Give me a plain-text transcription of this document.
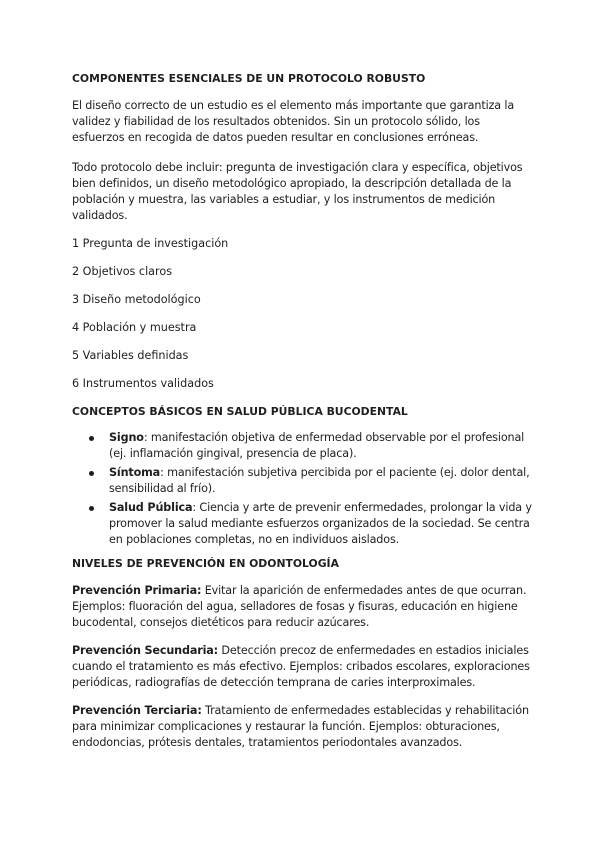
COMPONENTES ESENCIALES DE UN PROTOCOLO ROBUSTO

El diseño correcto de un estudio es el elemento más importante que garantiza la validez y fiabilidad de los resultados obtenidos. Sin un protocolo sólido, los esfuerzos en recogida de datos pueden resultar en conclusiones erróneas.

Todo protocolo debe incluir: pregunta de investigación clara y específica, objetivos bien definidos, un diseño metodológico apropiado, la descripción detallada de la población y muestra, las variables a estudiar, y los instrumentos de medición validados.

1 Pregunta de investigación
2 Objetivos claros
3 Diseño metodológico
4 Población y muestra
5 Variables definidas
6 Instrumentos validados
CONCEPTOS BÁSICOS EN SALUD PÚBLICA BUCODENTAL
Signo: manifestación objetiva de enfermedad observable por el profesional (ej. inflamación gingival, presencia de placa).
Síntoma: manifestación subjetiva percibida por el paciente (ej. dolor dental, sensibilidad al frío).
Salud Pública: Ciencia y arte de prevenir enfermedades, prolongar la vida y promover la salud mediante esfuerzos organizados de la sociedad. Se centra en poblaciones completas, no en individuos aislados.
NIVELES DE PREVENCIÓN EN ODONTOLOGÍA

Prevención Primaria: Evitar la aparición de enfermedades antes de que ocurran. Ejemplos: fluoración del agua, selladores de fosas y fisuras, educación en higiene bucodental, consejos dietéticos para reducir azúcares.

Prevención Secundaria: Detección precoz de enfermedades en estadios iniciales cuando el tratamiento es más efectivo. Ejemplos: cribados escolares, exploraciones periódicas, radiografías de detección temprana de caries interproximales.

Prevención Terciaria: Tratamiento de enfermedades establecidas y rehabilitación para minimizar complicaciones y restaurar la función. Ejemplos: obturaciones, endodoncias, prótesis dentales, tratamientos periodontales avanzados.
